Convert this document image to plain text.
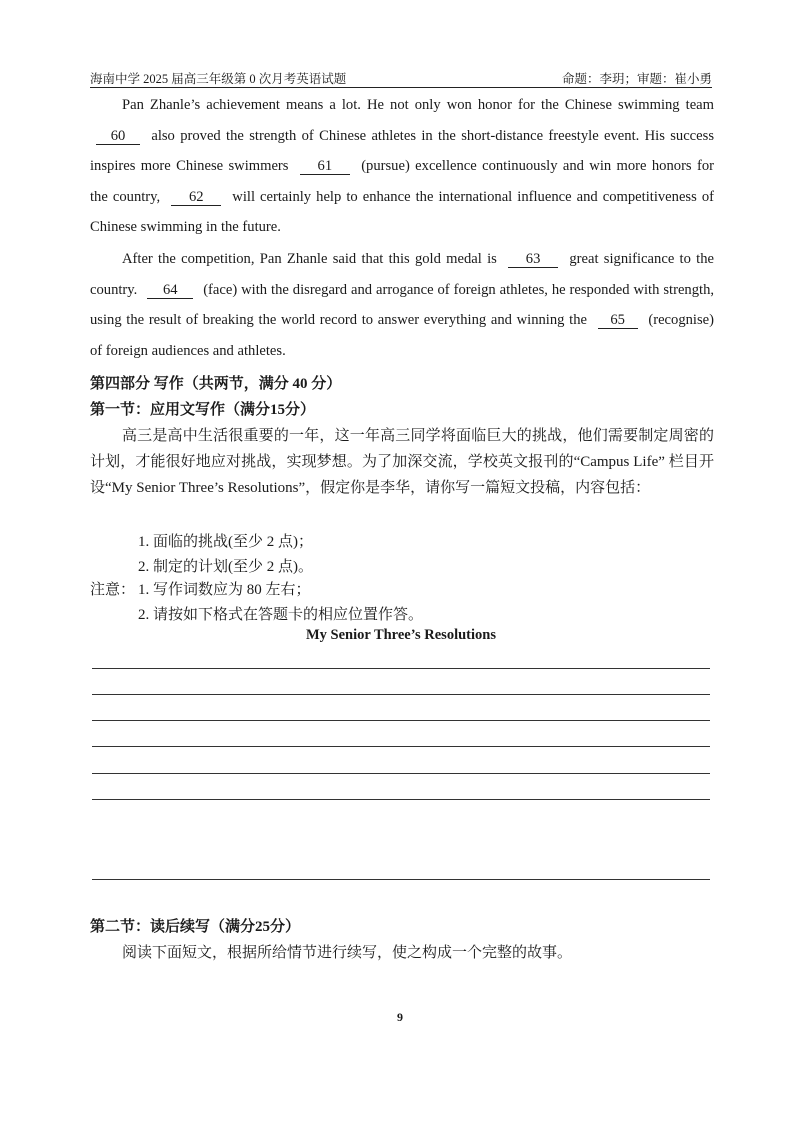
海南中学 2025 届高三年级第 0 次月考英语试题	命题：李玥；审题：崔小勇

Pan Zhanle’s achievement means a lot. He not only won honor for the Chinese swimming team 60 also proved the strength of Chinese athletes in the short-distance freestyle event. His success inspires more Chinese swimmers 61 (pursue) excellence continuously and win more honors for the country, 62 will certainly help to enhance the international influence and competitiveness of Chinese swimming in the future.

After the competition, Pan Zhanle said that this gold medal is 63 great significance to the country. 64 (face) with the disregard and arrogance of foreign athletes, he responded with strength, using the result of breaking the world record to answer everything and winning the 65 (recognise) of foreign audiences and athletes.

第四部分 写作（共两节，满分 40 分）

第一节：应用文写作（满分15分）

高三是高中生活很重要的一年，这一年高三同学将面临巨大的挑战，他们需要制定周密的计划，才能很好地应对挑战，实现梦想。为了加深交流，学校英文报刊的“Campus Life” 栏目开设“My Senior Three’s Resolutions”，假定你是李华，请你写一篇短文投稿，内容包括：

1. 面临的挑战(至少 2 点)；
2. 制定的计划(至少 2 点)。
注意： 1. 写作词数应为 80 左右；
2. 请按如下格式在答题卡的相应位置作答。
My Senior Three’s Resolutions

第二节：读后续写（满分25分）

阅读下面短文，根据所给情节进行续写，使之构成一个完整的故事。

9
